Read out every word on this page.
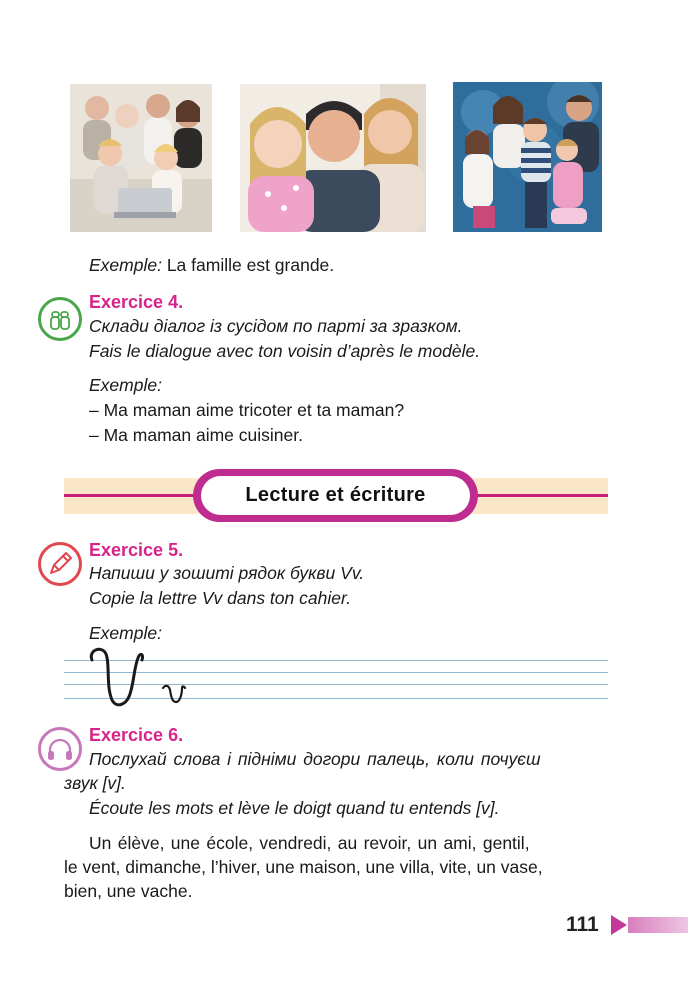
Exemple: La famille est grande.
Exercice 4.
Склади діалог із сусідом по парті за зразком.
Fais le dialogue avec ton voisin d’après le modèle.
Exemple:
– Ma maman aime tricoter et ta maman?
– Ma maman aime cuisiner.
Lecture et écriture
Exercice 5.
Напиши у зошиті рядок букви Vv.
Copie la lettre Vv dans ton cahier.
Exemple:
Exercice 6.
Послухай слова і підніми догори палець, коли почуєш
звук [v].
Écoute les mots et lève le doigt quand tu entends [v].
Un élève, une école, vendredi, au revoir, un ami, gentil,
le vent, dimanche, l’hiver, une maison, une villa, vite, un vase,
bien, une vache.
111
